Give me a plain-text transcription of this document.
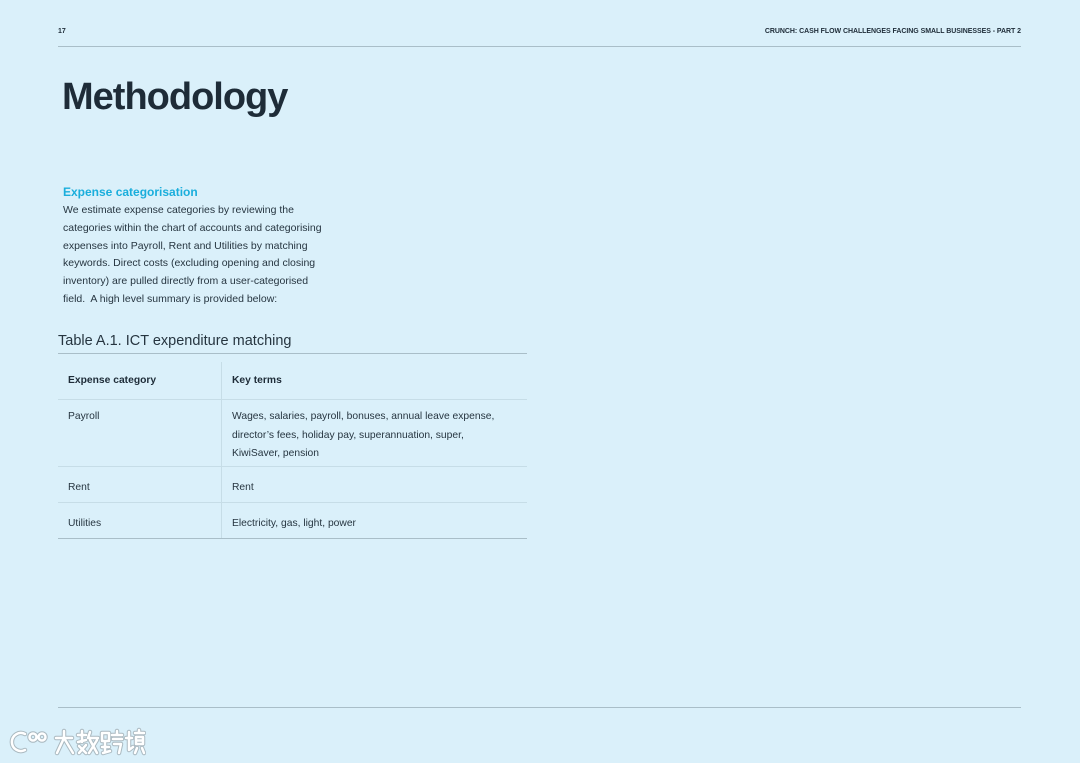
17	CRUNCH: CASH FLOW CHALLENGES FACING SMALL BUSINESSES - PART 2
Methodology
Expense categorisation
We estimate expense categories by reviewing the
categories within the chart of accounts and categorising
expenses into Payroll, Rent and Utilities by matching
keywords. Direct costs (excluding opening and closing
inventory) are pulled directly from a user-categorised
field.  A high level summary is provided below:
Table A.1. ICT expenditure matching
Expense category	Key terms
Payroll	Wages, salaries, payroll, bonuses, annual leave expense,
director’s fees, holiday pay, superannuation, super,
KiwiSaver, pension
Rent	Rent
Utilities	Electricity, gas, light, power
